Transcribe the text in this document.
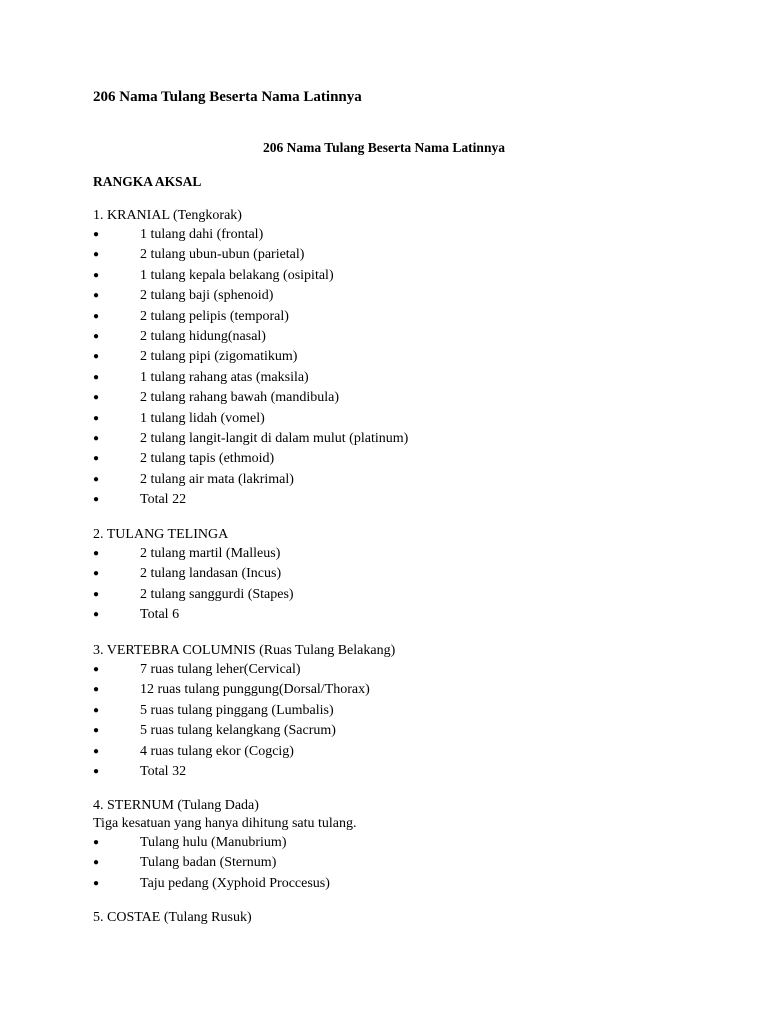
206 Nama Tulang Beserta Nama Latinnya
206 Nama Tulang Beserta Nama Latinnya
RANGKA AKSAL
1. KRANIAL (Tengkorak)
●	1 tulang dahi (frontal)
●	2 tulang ubun-ubun (parietal)
●	1 tulang kepala belakang (osipital)
●	2 tulang baji (sphenoid)
●	2 tulang pelipis (temporal)
●	2 tulang hidung(nasal)
●	2 tulang pipi (zigomatikum)
●	1 tulang rahang atas (maksila)
●	2 tulang rahang bawah (mandibula)
●	1 tulang lidah (vomel)
●	2 tulang langit-langit di dalam mulut (platinum)
●	2 tulang tapis (ethmoid)
●	2 tulang air mata (lakrimal)
●	Total 22
2. TULANG TELINGA
●	2 tulang martil (Malleus)
●	2 tulang landasan (Incus)
●	2 tulang sanggurdi (Stapes)
●	Total 6
3. VERTEBRA COLUMNIS (Ruas Tulang Belakang)
●	7 ruas tulang leher(Cervical)
●	12 ruas tulang punggung(Dorsal/Thorax)
●	5 ruas tulang pinggang (Lumbalis)
●	5 ruas tulang kelangkang (Sacrum)
●	4 ruas tulang ekor (Cogcig)
●	Total 32
4. STERNUM (Tulang Dada)
Tiga kesatuan yang hanya dihitung satu tulang.
●	Tulang hulu (Manubrium)
●	Tulang badan (Sternum)
●	Taju pedang (Xyphoid Proccesus)
5. COSTAE (Tulang Rusuk)
